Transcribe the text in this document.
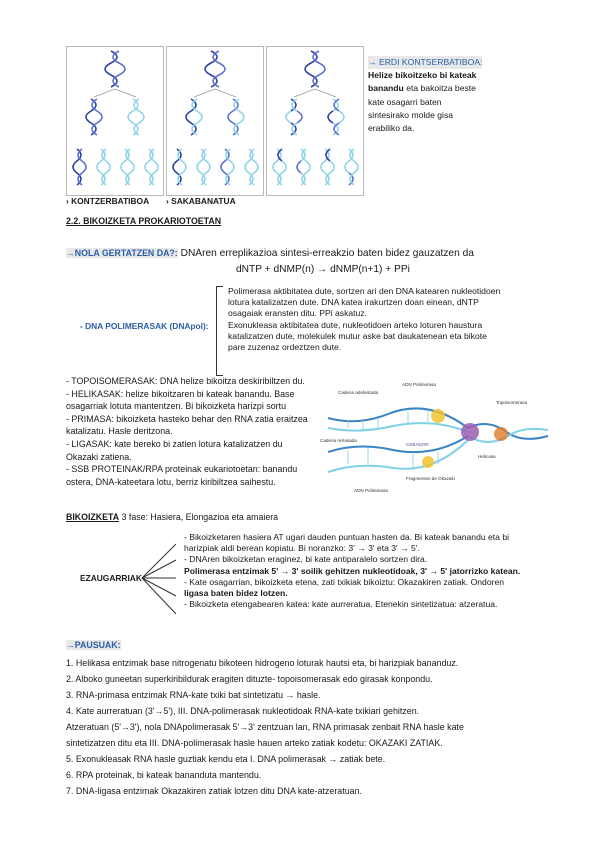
› KONTZERBATIBOA › SAKABANATUA
→ ERDI KONTSERBATIBOA:
Helize bikoitzeko bi kateak
banandu eta bakoitza beste
kate osagarri baten
sintesirako molde gisa
erabiliko da.
2.2. BIKOIZKETA PROKARIOTOETAN
→NOLA GERTATZEN DA?: DNAren erreplikazioa sintesi-erreakzio baten bidez gauzatzen da
dNTP + dNMP(n) → dNMP(n+1) + PPi
- DNA POLIMERASAK (DNApol):
Polimerasa aktibitatea dute, sortzen ari den DNA katearen nukleotidoen
lotura katalizatzen dute. DNA katea irakurtzen doan einean, dNTP
osagaiak eransten ditu. PPi askatuz.
Exonukleasa aktibitatea dute, nukleotidoen arteko loturen haustura
katalizatzen dute, molekulek mutur aske bat daukatenean eta bikote
pare zuzenaz ordeztzen dute.
- TOPOISOMERASAK: DNA helize bikoitza deskiribiltzen du.
- HELIKASAK: helize bikoitzaren bi kateak banandu. Base
osagarriak lotuta mantentzen. Bi bikoizketa harizpi sortu
- PRIMASA: bikoizketa hasteko behar den RNA zatia eraitzea
katalizatu. Hasle deritzona.
- LIGASAK: kate bereko bi zatien lotura katalizatzen du
Okazaki zatiena.
- SSB PROTEINAK/RPA proteinak eukariotoetan: banandu
ostera, DNA-kateetara lotu, berriz kiribiltzea saihestu.
ADN Polimerasa
Cadena adelantada
Topoisomerasa
Helicasa
Cadena retrasada
Fragmentos de Okazaki
ADN Polimerasa
CEBADOR
BIKOIZKETA 3 fase: Hasiera, Elongazioa eta amaiera
EZAUGARRIAK
- Bikoizketaren hasiera AT ugari dauden puntuan hasten da. Bi kateak banandu eta bi
harizpiak aldi berean kopiatu. Bi noranzko: 3' → 3' eta 3' → 5'.
- DNAren bikoizketan eraginez, bi kate antiparalelo sortzen dira.
Polimerasa entzimak 5' → 3' soilik gehitzen nukleotidoak, 3' → 5' jatorrizko katean.
- Kate osagarrian, bikoizketa etena, zati txikiak bikoiztu: Okazakiren zatiak. Ondoren
ligasa baten bidez lotzen.
- Bikoizketa etengabearen katea: kate aurreratua. Etenekin sintetizatua: atzeratua.
→PAUSUAK:
1. Helikasa entzimak base nitrogenatu bikoteen hidrogeno loturak hautsi eta, bi harizpiak bananduz.
2. Alboko guneetan superkiribildurak eragiten dituzte- topoisomerasak edo girasak konpondu.
3. RNA-primasa entzimak RNA-kate txiki bat sintetizatu → hasle.
4. Kate aurreratuan (3'→5'), III. DNA-polimerasak nukleotidoak RNA-kate txikiari gehitzen.
Atzeratuan (5'→3'), nola DNApolimerasak 5'→3' zentzuan lan, RNA primasak zenbait RNA hasle kate
sintetizatzen ditu eta III. DNA-polimerasak hasle hauen arteko zatiak kodetu: OKAZAKI ZATIAK.
5. Exonukleasak RNA hasle guztiak kendu eta I. DNA polimerasak → zatiak bete.
6. RPA proteinak, bi kateak bananduta mantendu.
7. DNA-ligasa entzimak Okazakiren zatiak lotzen ditu DNA kate-atzeratuan.
